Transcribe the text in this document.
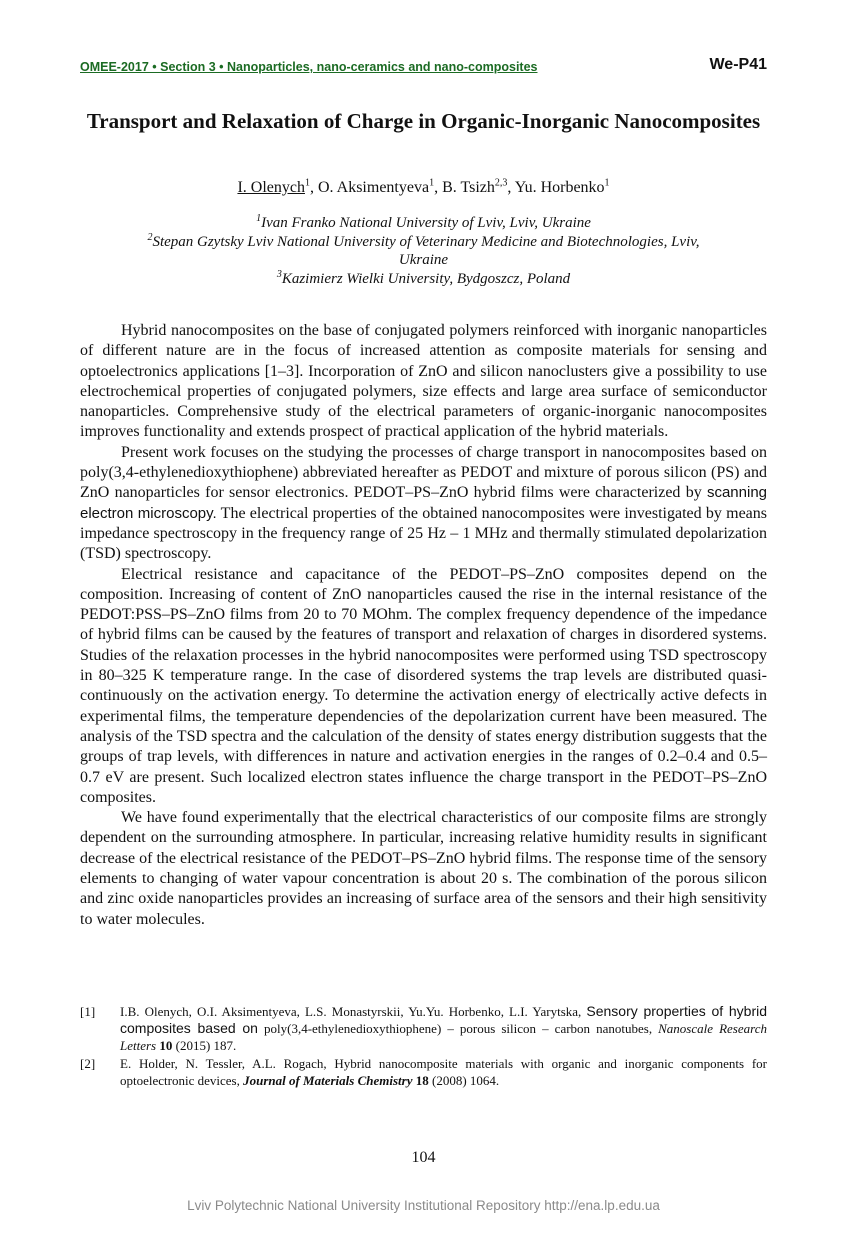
OMEE-2017 • Section 3 • Nanoparticles, nano-ceramics and nano-composites	We-P41
Transport and Relaxation of Charge in Organic-Inorganic Nanocomposites
I. Olenych$^1$, O. Aksimentyeva$^1$, B. Tsizh$^{2,3}$, Yu. Horbenko$^1$
$^1$Ivan Franko National University of Lviv, Lviv, Ukraine
$^2$Stepan Gzytsky Lviv National University of Veterinary Medicine and Biotechnologies, Lviv, Ukraine
$^3$Kazimierz Wielki University, Bydgoszcz, Poland

Hybrid nanocomposites on the base of conjugated polymers reinforced with inorganic nanoparticles of different nature are in the focus of increased attention as composite materials for sensing and optoelectronics applications [1–3]. Incorporation of ZnO and silicon nanoclusters give a possibility to use electrochemical properties of conjugated polymers, size effects and large area surface of semiconductor nanoparticles. Comprehensive study of the electrical parameters of organic-inorganic nanocomposites improves functionality and extends prospect of practical application of the hybrid materials.

Present work focuses on the studying the processes of charge transport in nanocomposites based on poly(3,4-ethylenedioxythiophene) abbreviated hereafter as PEDOT and mixture of porous silicon (PS) and ZnO nanoparticles for sensor electronics. PEDOT–PS–ZnO hybrid films were characterized by scanning electron microscopy. The electrical properties of the obtained nanocomposites were investigated by means impedance spectroscopy in the frequency range of 25 Hz – 1 MHz and thermally stimulated depolarization (TSD) spectroscopy.

Electrical resistance and capacitance of the PEDOT–PS–ZnO composites depend on the composition. Increasing of content of ZnO nanoparticles caused the rise in the internal resistance of the PEDOT:PSS–PS–ZnO films from 20 to 70 MOhm. The complex frequency dependence of the impedance of hybrid films can be caused by the features of transport and relaxation of charges in disordered systems. Studies of the relaxation processes in the hybrid nanocomposites were performed using TSD spectroscopy in 80–325 K temperature range. In the case of disordered systems the trap levels are distributed quasi-continuously on the activation energy. To determine the activation energy of electrically active defects in experimental films, the temperature dependencies of the depolarization current have been measured. The analysis of the TSD spectra and the calculation of the density of states energy distribution suggests that the groups of trap levels, with differences in nature and activation energies in the ranges of 0.2–0.4 and 0.5–0.7 eV are present. Such localized electron states influence the charge transport in the PEDOT–PS–ZnO composites.

We have found experimentally that the electrical characteristics of our composite films are strongly dependent on the surrounding atmosphere. In particular, increasing relative humidity results in significant decrease of the electrical resistance of the PEDOT–PS–ZnO hybrid films. The response time of the sensory elements to changing of water vapour concentration is about 20 s. The combination of the porous silicon and zinc oxide nanoparticles provides an increasing of surface area of the sensors and their high sensitivity to water molecules.

[1] I.B. Olenych, O.I. Aksimentyeva, L.S. Monastyrskii, Yu.Yu. Horbenko, L.I. Yarytska, Sensory properties of hybrid composites based on poly(3,4-ethylenedioxythiophene) – porous silicon – carbon nanotubes, Nanoscale Research Letters 10 (2015) 187.
[2] E. Holder, N. Tessler, A.L. Rogach, Hybrid nanocomposite materials with organic and inorganic components for optoelectronic devices, Journal of Materials Chemistry 18 (2008) 1064.
104
Lviv Polytechnic National University Institutional Repository http://ena.lp.edu.ua
